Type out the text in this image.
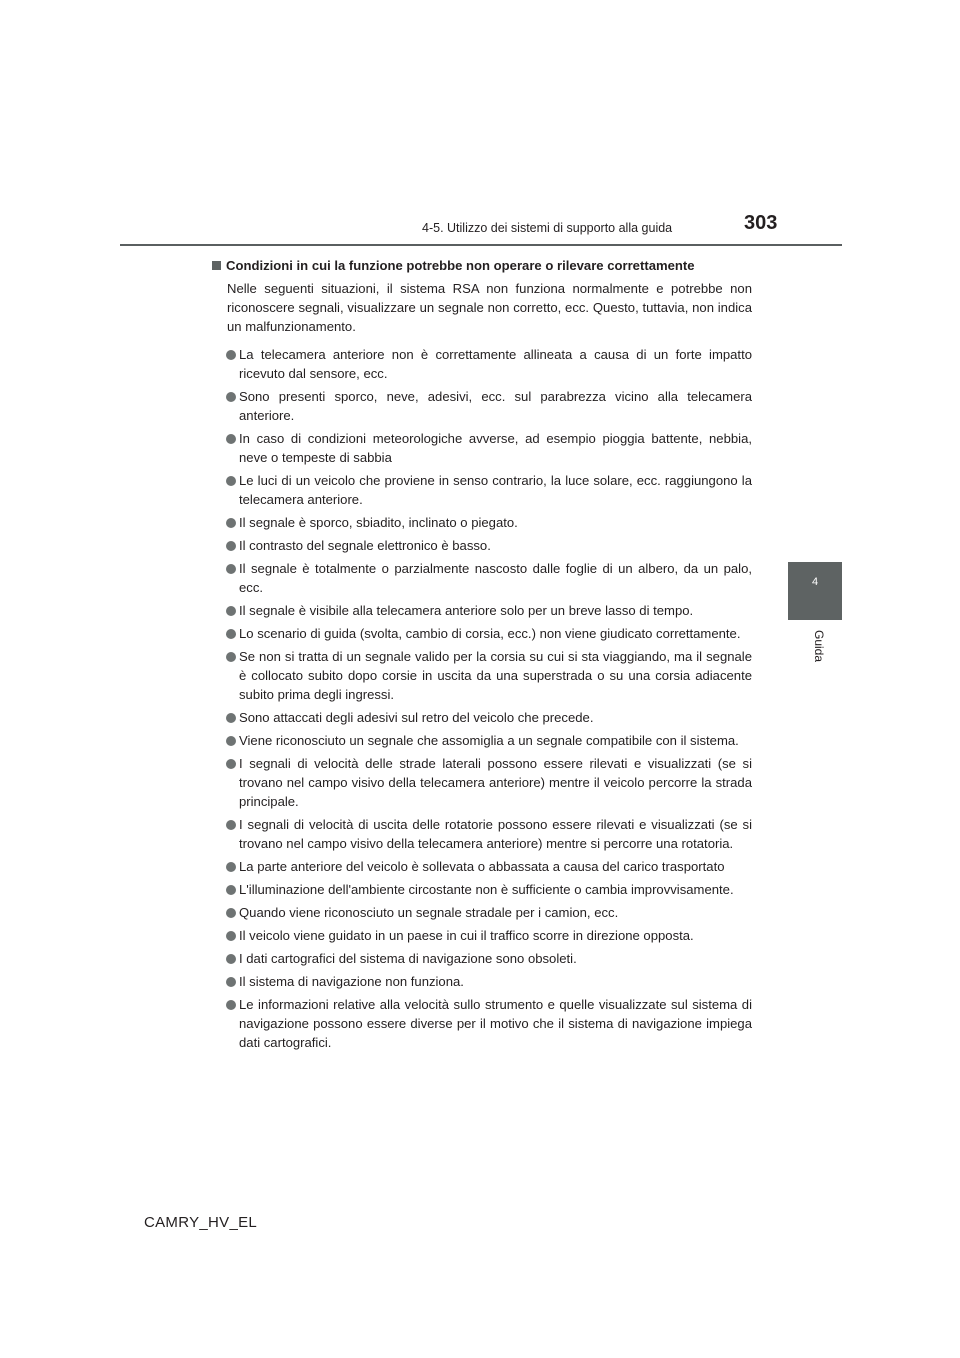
4-5. Utilizzo dei sistemi di supporto alla guida	303
4
Guida
Condizioni in cui la funzione potrebbe non operare o rilevare correttamente

Nelle seguenti situazioni, il sistema RSA non funziona normalmente e potrebbe non riconoscere segnali, visualizzare un segnale non corretto, ecc. Questo, tuttavia, non indica un malfunzionamento.

La telecamera anteriore non è correttamente allineata a causa di un forte impatto ricevuto dal sensore, ecc.
Sono presenti sporco, neve, adesivi, ecc. sul parabrezza vicino alla telecamera anteriore.
In caso di condizioni meteorologiche avverse, ad esempio pioggia battente, nebbia, neve o tempeste di sabbia
Le luci di un veicolo che proviene in senso contrario, la luce solare, ecc. raggiungono la telecamera anteriore.
Il segnale è sporco, sbiadito, inclinato o piegato.
Il contrasto del segnale elettronico è basso.
Il segnale è totalmente o parzialmente nascosto dalle foglie di un albero, da un palo, ecc.
Il segnale è visibile alla telecamera anteriore solo per un breve lasso di tempo.
Lo scenario di guida (svolta, cambio di corsia, ecc.) non viene giudicato correttamente.
Se non si tratta di un segnale valido per la corsia su cui si sta viaggiando, ma il segnale è collocato subito dopo corsie in uscita da una superstrada o su una corsia adiacente subito prima degli ingressi.
Sono attaccati degli adesivi sul retro del veicolo che precede.
Viene riconosciuto un segnale che assomiglia a un segnale compatibile con il sistema.
I segnali di velocità delle strade laterali possono essere rilevati e visualizzati (se si trovano nel campo visivo della telecamera anteriore) mentre il veicolo percorre la strada principale.
I segnali di velocità di uscita delle rotatorie possono essere rilevati e visualizzati (se si trovano nel campo visivo della telecamera anteriore) mentre si percorre una rotatoria.
La parte anteriore del veicolo è sollevata o abbassata a causa del carico trasportato
L'illuminazione dell'ambiente circostante non è sufficiente o cambia improvvisamente.
Quando viene riconosciuto un segnale stradale per i camion, ecc.
Il veicolo viene guidato in un paese in cui il traffico scorre in direzione opposta.
I dati cartografici del sistema di navigazione sono obsoleti.
Il sistema di navigazione non funziona.
Le informazioni relative alla velocità sullo strumento e quelle visualizzate sul sistema di navigazione possono essere diverse per il motivo che il sistema di navigazione impiega dati cartografici.
CAMRY_HV_EL
